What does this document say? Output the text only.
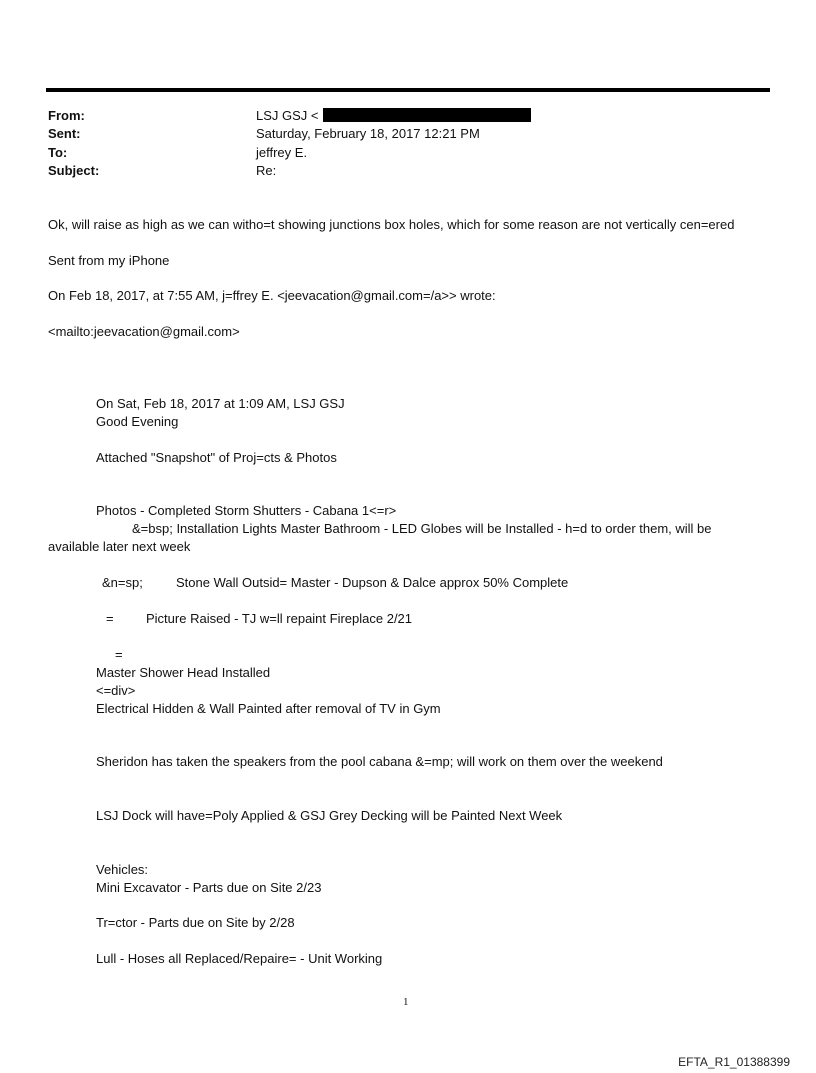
From:	LSJ GSJ <
Sent:	Saturday, February 18, 2017 12:21 PM
To:	jeffrey E.
Subject:	Re:
Ok, will raise as high as we can witho=t showing junctions box holes, which for some reason are not vertically cen=ered
Sent from my iPhone
On Feb 18, 2017, at 7:55 AM, j=ffrey E. <jeevacation@gmail.com=/a>> wrote:
<mailto:jeevacation@gmail.com>
On Sat, Feb 18, 2017 at 1:09 AM, LSJ GSJ
Good Evening
Attached "Snapshot" of Proj=cts & Photos
Photos - Completed Storm Shutters - Cabana 1<=r>
&=bsp; Installation Lights Master Bathroom - LED Globes will be Installed - h=d to order them, will be
available later next week
&n=sp;	Stone Wall Outsid= Master - Dupson & Dalce approx 50% Complete
= Picture Raised - TJ w=ll repaint Fireplace 2/21
=
Master Shower Head Installed
<=div>
Electrical Hidden & Wall Painted after removal of TV in Gym
Sheridon has taken the speakers from the pool cabana &=mp; will work on them over the weekend
LSJ Dock will have=Poly Applied & GSJ Grey Decking will be Painted Next Week
Vehicles:
Mini Excavator - Parts due on Site 2/23
Tr=ctor - Parts due on Site by 2/28
Lull - Hoses all Replaced/Repaire= - Unit Working
1
EFTA_R1_01388399
